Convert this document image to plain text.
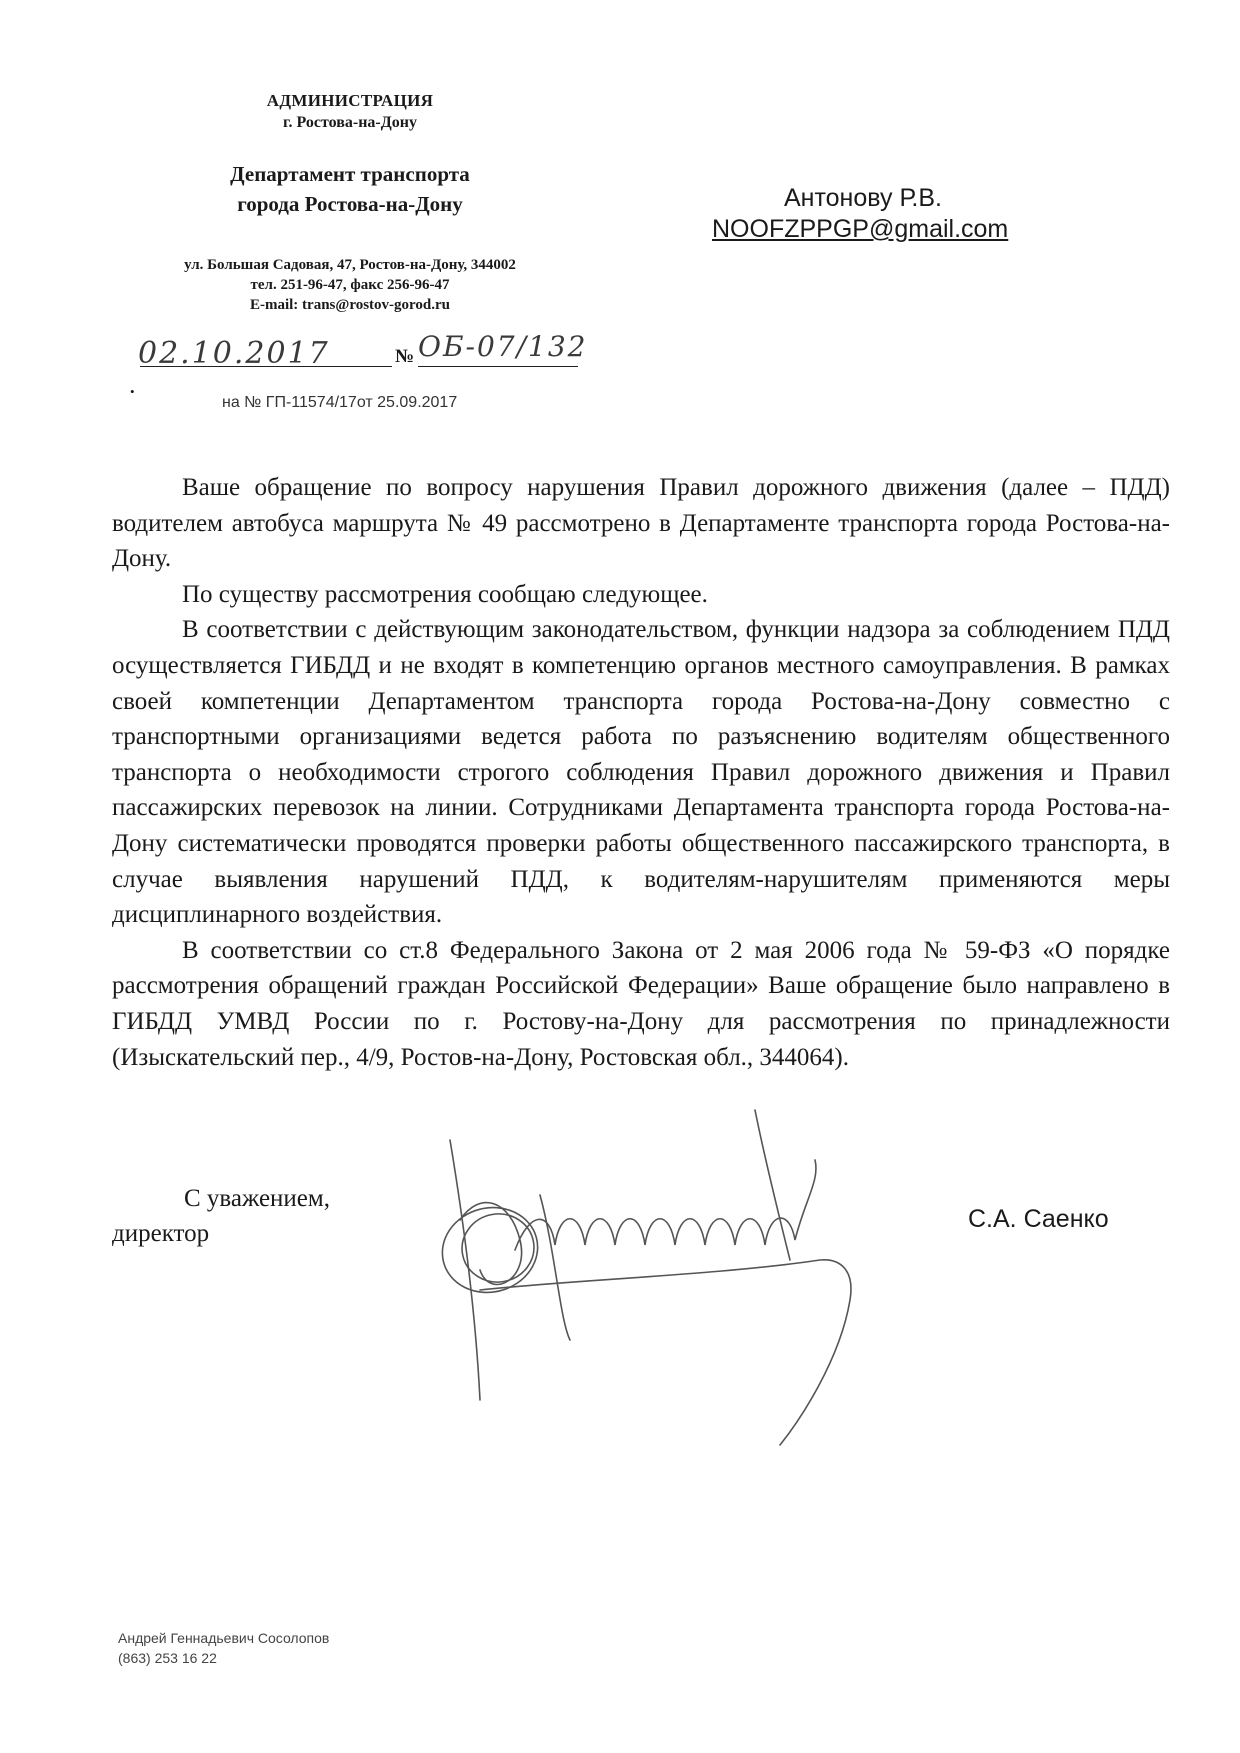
АДМИНИСТРАЦИЯ
г. Ростова-на-Дону
Департамент транспорта
города Ростова-на-Дону
ул. Большая Садовая, 47, Ростов-на-Дону, 344002
тел. 251-96-47, факс 256-96-47
E-mail: trans@rostov-gorod.ru
02.10.2017	№ ОБ-07/132
•
на № ГП-11574/17от 25.09.2017
Антонову Р.В.
NOOFZPPGP@gmail.com

Ваше обращение по вопросу нарушения Правил дорожного движения (далее – ПДД) водителем автобуса маршрута № 49 рассмотрено в Департаменте транспорта города Ростова-на-Дону.

По существу рассмотрения сообщаю следующее.

В соответствии с действующим законодательством, функции надзора за соблюдением ПДД осуществляется ГИБДД и не входят в компетенцию органов местного самоуправления. В рамках своей компетенции Департаментом транспорта города Ростова-на-Дону совместно с транспортными организациями ведется работа по разъяснению водителям общественного транспорта о необходимости строгого соблюдения Правил дорожного движения и Правил пассажирских перевозок на линии. Сотрудниками Департамента транспорта города Ростова-на-Дону систематически проводятся проверки работы общественного пассажирского транспорта, в случае выявления нарушений ПДД, к водителям-нарушителям применяются меры дисциплинарного воздействия.

В соответствии со ст.8 Федерального Закона от 2 мая 2006 года № 59-ФЗ «О порядке рассмотрения обращений граждан Российской Федерации» Ваше обращение было направлено в ГИБДД УМВД России по г. Ростову-на-Дону для рассмотрения по принадлежности (Изыскательский пер., 4/9, Ростов-на-Дону, Ростовская обл., 344064).

С уважением,
директор
С.А. Саенко
Андрей Геннадьевич Сосолопов
(863) 253 16 22
